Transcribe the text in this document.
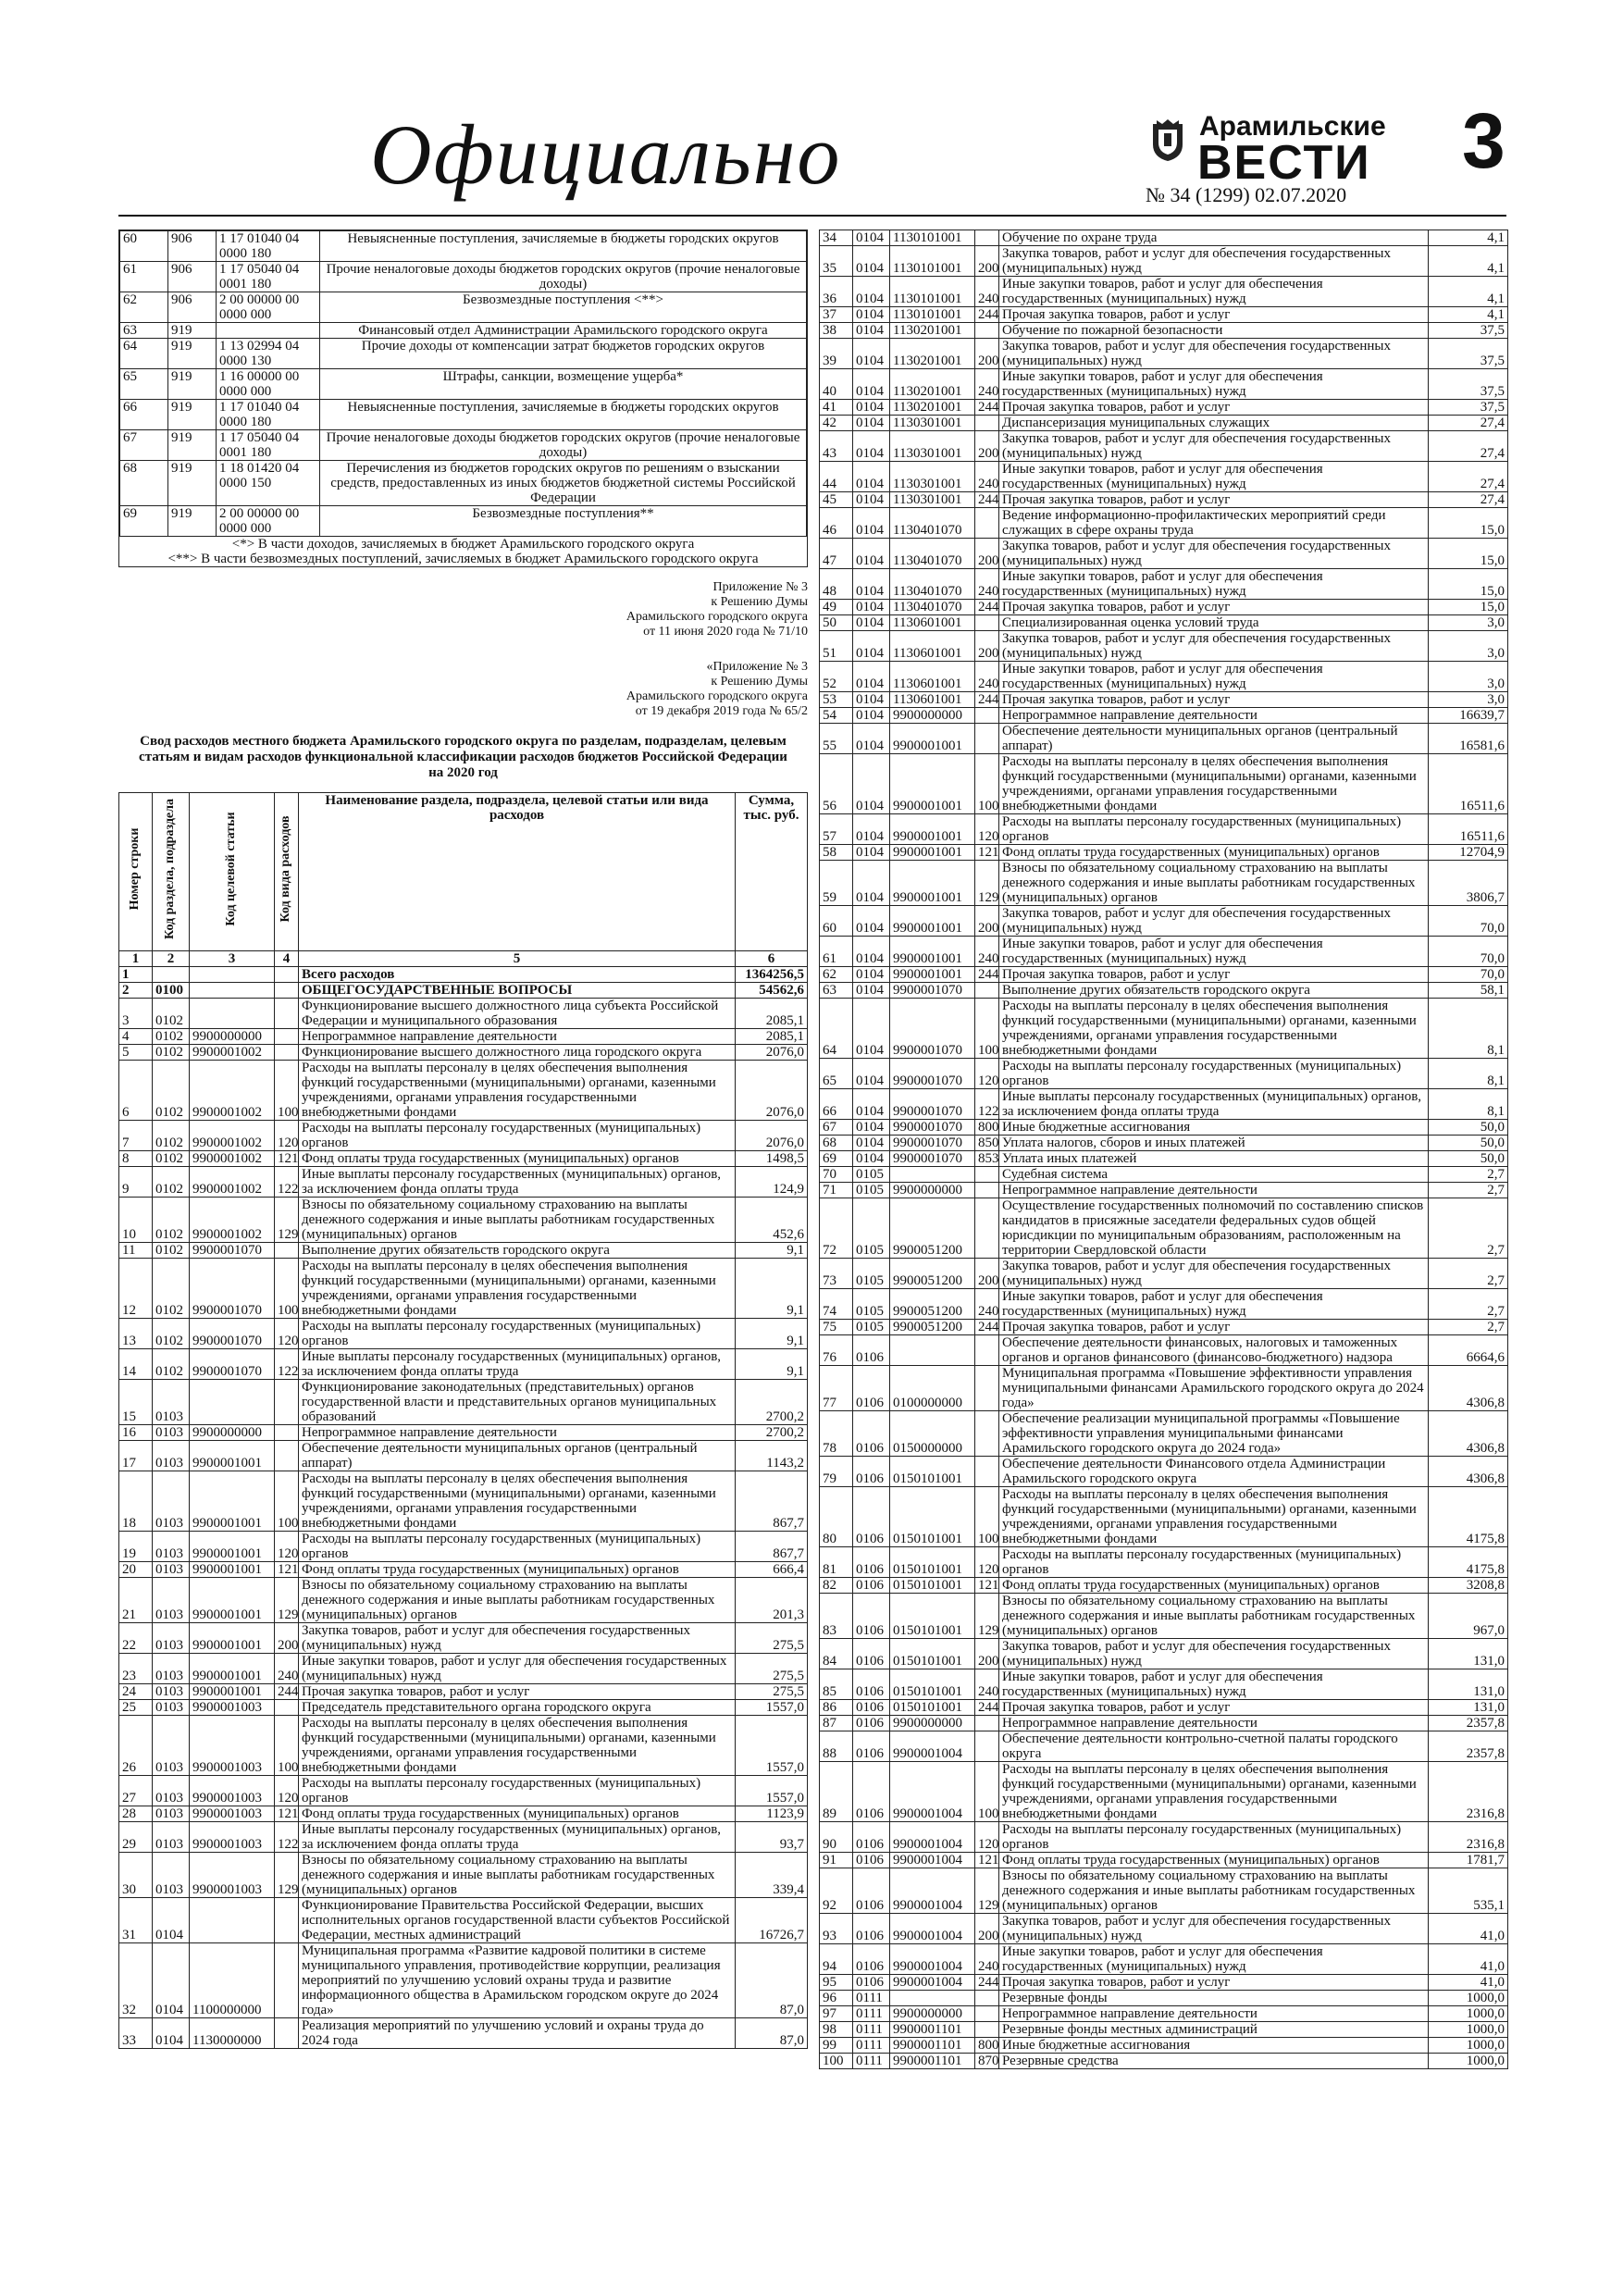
Официально	Арамильские
ВЕСТИ
№ 34 (1299) 02.07.2020
3
60	906	1 17 01040 04 0000 180	Невыясненные поступления, зачисляемые в бюджеты городских округов
61	906	1 17 05040 04 0001 180	Прочие неналоговые доходы бюджетов городских округов (прочие неналоговые доходы)
62	906	2 00 00000 00 0000 000	Безвозмездные поступления <**>
63	919		Финансовый отдел Администрации Арамильского городского округа
64	919	1 13 02994 04 0000 130	Прочие доходы от компенсации затрат бюджетов городских округов
65	919	1 16 00000 00 0000 000	Штрафы, санкции, возмещение ущерба*
66	919	1 17 01040 04 0000 180	Невыясненные поступления, зачисляемые в бюджеты городских округов
67	919	1 17 05040 04 0001 180	Прочие неналоговые доходы бюджетов городских округов (прочие неналоговые доходы)
68	919	1 18 01420 04 0000 150	Перечисления из бюджетов городских округов по решениям о взыскании средств, предоставленных из иных бюджетов бюджетной системы Российской Федерации
69	919	2 00 00000 00 0000 000	Безвозмездные поступления**
<*> В части доходов, зачисляемых в бюджет Арамильского городского округа
<**> В части безвозмездных поступлений, зачисляемых в бюджет Арамильского городского округа

Приложение № 3

к Решению Думы

Арамильского городского округа

от 11 июня 2020 года № 71/10

«Приложение № 3

к Решению Думы

Арамильского городского округа

от 19 декабря 2019 года № 65/2

Свод расходов местного бюджета Арамильского городского округа по разделам, подразделам, целевым статьям и видам расходов функциональной классификации расходов бюджетов Российской Федерации на 2020 год
Номер строки	Код раздела, подраздела	Код целевой статьи	Код вида расходов	Наименование раздела, подраздела, целевой статьи или вида расходов	Сумма, тыс. руб.
1	2	3	4	5	6
1				Всего расходов	1364256,5
2	0100			ОБЩЕГОСУДАРСТВЕННЫЕ ВОПРОСЫ	54562,6
3	0102			Функционирование высшего должностного лица субъекта Российской Федерации и муниципального образования	2085,1
4	0102	9900000000		Непрограммное направление деятельности	2085,1
5	0102	9900001002		Функционирование высшего должностного лица городского округа	2076,0
6	0102	9900001002	100	Расходы на выплаты персоналу в целях обеспечения выполнения функций государственными (муниципальными) органами, казенными учреждениями, органами управления государственными внебюджетными фондами	2076,0
7	0102	9900001002	120	Расходы на выплаты персоналу государственных (муниципальных) органов	2076,0
8	0102	9900001002	121	Фонд оплаты труда государственных (муниципальных) органов	1498,5
9	0102	9900001002	122	Иные выплаты персоналу государственных (муниципальных) органов, за исключением фонда оплаты труда	124,9
10	0102	9900001002	129	Взносы по обязательному социальному страхованию на выплаты денежного содержания и иные выплаты работникам государственных (муниципальных) органов	452,6
11	0102	9900001070		Выполнение других обязательств городского округа	9,1
12	0102	9900001070	100	Расходы на выплаты персоналу в целях обеспечения выполнения функций государственными (муниципальными) органами, казенными учреждениями, органами управления государственными внебюджетными фондами	9,1
13	0102	9900001070	120	Расходы на выплаты персоналу государственных (муниципальных) органов	9,1
14	0102	9900001070	122	Иные выплаты персоналу государственных (муниципальных) органов, за исключением фонда оплаты труда	9,1
15	0103			Функционирование законодательных (представительных) органов государственной власти и представительных органов муниципальных образований	2700,2
16	0103	9900000000		Непрограммное направление деятельности	2700,2
17	0103	9900001001		Обеспечение деятельности муниципальных органов (центральный аппарат)	1143,2
18	0103	9900001001	100	Расходы на выплаты персоналу в целях обеспечения выполнения функций государственными (муниципальными) органами, казенными учреждениями, органами управления государственными внебюджетными фондами	867,7
19	0103	9900001001	120	Расходы на выплаты персоналу государственных (муниципальных) органов	867,7
20	0103	9900001001	121	Фонд оплаты труда государственных (муниципальных) органов	666,4
21	0103	9900001001	129	Взносы по обязательному социальному страхованию на выплаты денежного содержания и иные выплаты работникам государственных (муниципальных) органов	201,3
22	0103	9900001001	200	Закупка товаров, работ и услуг для обеспечения государственных (муниципальных) нужд	275,5
23	0103	9900001001	240	Иные закупки товаров, работ и услуг для обеспечения государственных (муниципальных) нужд	275,5
24	0103	9900001001	244	Прочая закупка товаров, работ и услуг	275,5
25	0103	9900001003		Председатель представительного органа городского округа	1557,0
26	0103	9900001003	100	Расходы на выплаты персоналу в целях обеспечения выполнения функций государственными (муниципальными) органами, казенными учреждениями, органами управления государственными внебюджетными фондами	1557,0
27	0103	9900001003	120	Расходы на выплаты персоналу государственных (муниципальных) органов	1557,0
28	0103	9900001003	121	Фонд оплаты труда государственных (муниципальных) органов	1123,9
29	0103	9900001003	122	Иные выплаты персоналу государственных (муниципальных) органов, за исключением фонда оплаты труда	93,7
30	0103	9900001003	129	Взносы по обязательному социальному страхованию на выплаты денежного содержания и иные выплаты работникам государственных (муниципальных) органов	339,4
31	0104			Функционирование Правительства Российской Федерации, высших исполнительных органов государственной власти субъектов Российской Федерации, местных администраций	16726,7
32	0104	1100000000		Муниципальная программа «Развитие кадровой политики в системе муниципального управления, противодействие коррупции, реализация мероприятий по улучшению условий охраны труда и развитие информационного общества в Арамильском городском округе до 2024 года»	87,0
33	0104	1130000000		Реализация мероприятий по улучшению условий и охраны труда до 2024 года	87,0
34	0104	1130101001		Обучение по охране труда	4,1
35	0104	1130101001	200	Закупка товаров, работ и услуг для обеспечения государственных (муниципальных) нужд	4,1
36	0104	1130101001	240	Иные закупки товаров, работ и услуг для обеспечения государственных (муниципальных) нужд	4,1
37	0104	1130101001	244	Прочая закупка товаров, работ и услуг	4,1
38	0104	1130201001		Обучение по пожарной безопасности	37,5
39	0104	1130201001	200	Закупка товаров, работ и услуг для обеспечения государственных (муниципальных) нужд	37,5
40	0104	1130201001	240	Иные закупки товаров, работ и услуг для обеспечения государственных (муниципальных) нужд	37,5
41	0104	1130201001	244	Прочая закупка товаров, работ и услуг	37,5
42	0104	1130301001		Диспансеризация муниципальных служащих	27,4
43	0104	1130301001	200	Закупка товаров, работ и услуг для обеспечения государственных (муниципальных) нужд	27,4
44	0104	1130301001	240	Иные закупки товаров, работ и услуг для обеспечения государственных (муниципальных) нужд	27,4
45	0104	1130301001	244	Прочая закупка товаров, работ и услуг	27,4
46	0104	1130401070		Ведение информационно-профилактических мероприятий среди служащих в сфере охраны труда	15,0
47	0104	1130401070	200	Закупка товаров, работ и услуг для обеспечения государственных (муниципальных) нужд	15,0
48	0104	1130401070	240	Иные закупки товаров, работ и услуг для обеспечения государственных (муниципальных) нужд	15,0
49	0104	1130401070	244	Прочая закупка товаров, работ и услуг	15,0
50	0104	1130601001		Специализированная оценка условий труда	3,0
51	0104	1130601001	200	Закупка товаров, работ и услуг для обеспечения государственных (муниципальных) нужд	3,0
52	0104	1130601001	240	Иные закупки товаров, работ и услуг для обеспечения государственных (муниципальных) нужд	3,0
53	0104	1130601001	244	Прочая закупка товаров, работ и услуг	3,0
54	0104	9900000000		Непрограммное направление деятельности	16639,7
55	0104	9900001001		Обеспечение деятельности муниципальных органов (центральный аппарат)	16581,6
56	0104	9900001001	100	Расходы на выплаты персоналу в целях обеспечения выполнения функций государственными (муниципальными) органами, казенными учреждениями, органами управления государственными внебюджетными фондами	16511,6
57	0104	9900001001	120	Расходы на выплаты персоналу государственных (муниципальных) органов	16511,6
58	0104	9900001001	121	Фонд оплаты труда государственных (муниципальных) органов	12704,9
59	0104	9900001001	129	Взносы по обязательному социальному страхованию на выплаты денежного содержания и иные выплаты работникам государственных (муниципальных) органов	3806,7
60	0104	9900001001	200	Закупка товаров, работ и услуг для обеспечения государственных (муниципальных) нужд	70,0
61	0104	9900001001	240	Иные закупки товаров, работ и услуг для обеспечения государственных (муниципальных) нужд	70,0
62	0104	9900001001	244	Прочая закупка товаров, работ и услуг	70,0
63	0104	9900001070		Выполнение других обязательств городского округа	58,1
64	0104	9900001070	100	Расходы на выплаты персоналу в целях обеспечения выполнения функций государственными (муниципальными) органами, казенными учреждениями, органами управления государственными внебюджетными фондами	8,1
65	0104	9900001070	120	Расходы на выплаты персоналу государственных (муниципальных) органов	8,1
66	0104	9900001070	122	Иные выплаты персоналу государственных (муниципальных) органов, за исключением фонда оплаты труда	8,1
67	0104	9900001070	800	Иные бюджетные ассигнования	50,0
68	0104	9900001070	850	Уплата налогов, сборов и иных платежей	50,0
69	0104	9900001070	853	Уплата иных платежей	50,0
70	0105			Судебная система	2,7
71	0105	9900000000		Непрограммное направление деятельности	2,7
72	0105	9900051200		Осуществление государственных полномочий по составлению списков кандидатов в присяжные заседатели федеральных судов общей юрисдикции по муниципальным образованиям, расположенным на территории Свердловской области	2,7
73	0105	9900051200	200	Закупка товаров, работ и услуг для обеспечения государственных (муниципальных) нужд	2,7
74	0105	9900051200	240	Иные закупки товаров, работ и услуг для обеспечения государственных (муниципальных) нужд	2,7
75	0105	9900051200	244	Прочая закупка товаров, работ и услуг	2,7
76	0106			Обеспечение деятельности финансовых, налоговых и таможенных органов и органов финансового (финансово-бюджетного) надзора	6664,6
77	0106	0100000000		Муниципальная программа «Повышение эффективности управления муниципальными финансами Арамильского городского округа до 2024 года»	4306,8
78	0106	0150000000		Обеспечение реализации муниципальной программы «Повышение эффективности управления муниципальными финансами Арамильского городского округа до 2024 года»	4306,8
79	0106	0150101001		Обеспечение деятельности Финансового отдела Администрации Арамильского городского округа	4306,8
80	0106	0150101001	100	Расходы на выплаты персоналу в целях обеспечения выполнения функций государственными (муниципальными) органами, казенными учреждениями, органами управления государственными внебюджетными фондами	4175,8
81	0106	0150101001	120	Расходы на выплаты персоналу государственных (муниципальных) органов	4175,8
82	0106	0150101001	121	Фонд оплаты труда государственных (муниципальных) органов	3208,8
83	0106	0150101001	129	Взносы по обязательному социальному страхованию на выплаты денежного содержания и иные выплаты работникам государственных (муниципальных) органов	967,0
84	0106	0150101001	200	Закупка товаров, работ и услуг для обеспечения государственных (муниципальных) нужд	131,0
85	0106	0150101001	240	Иные закупки товаров, работ и услуг для обеспечения государственных (муниципальных) нужд	131,0
86	0106	0150101001	244	Прочая закупка товаров, работ и услуг	131,0
87	0106	9900000000		Непрограммное направление деятельности	2357,8
88	0106	9900001004		Обеспечение деятельности контрольно-счетной палаты городского округа	2357,8
89	0106	9900001004	100	Расходы на выплаты персоналу в целях обеспечения выполнения функций государственными (муниципальными) органами, казенными учреждениями, органами управления государственными внебюджетными фондами	2316,8
90	0106	9900001004	120	Расходы на выплаты персоналу государственных (муниципальных) органов	2316,8
91	0106	9900001004	121	Фонд оплаты труда государственных (муниципальных) органов	1781,7
92	0106	9900001004	129	Взносы по обязательному социальному страхованию на выплаты денежного содержания и иные выплаты работникам государственных (муниципальных) органов	535,1
93	0106	9900001004	200	Закупка товаров, работ и услуг для обеспечения государственных (муниципальных) нужд	41,0
94	0106	9900001004	240	Иные закупки товаров, работ и услуг для обеспечения государственных (муниципальных) нужд	41,0
95	0106	9900001004	244	Прочая закупка товаров, работ и услуг	41,0
96	0111			Резервные фонды	1000,0
97	0111	9900000000		Непрограммное направление деятельности	1000,0
98	0111	9900001101		Резервные фонды местных администраций	1000,0
99	0111	9900001101	800	Иные бюджетные ассигнования	1000,0
100	0111	9900001101	870	Резервные средства	1000,0
